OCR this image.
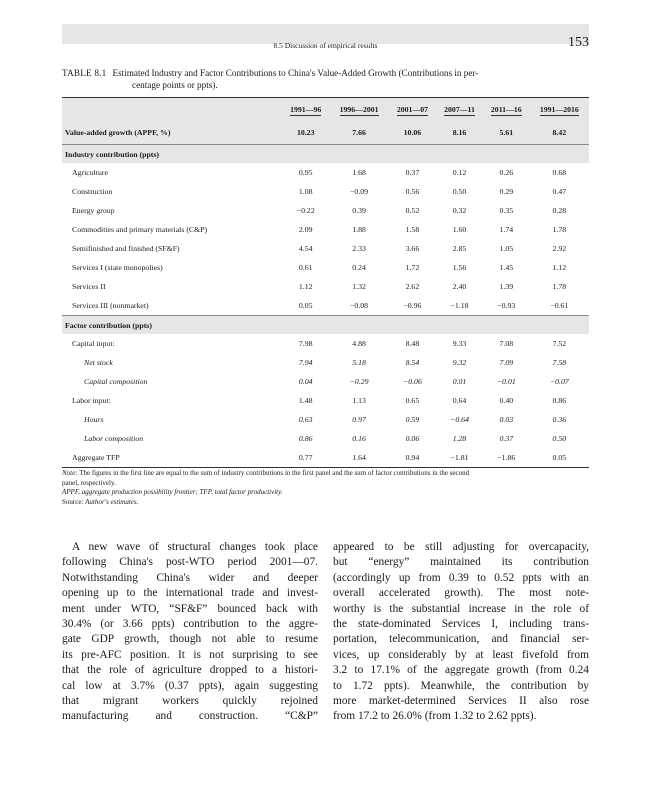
8.5 Discussion of empirical results	153
TABLE 8.1 Estimated Industry and Factor Contributions to China's Value-Added Growth (Contributions in per-
centage points or ppts).
	1991—96	1996—2001	2001—07	2007—11	2011—16	1991—2016
Value-added growth (APPF, %)	10.23	7.66	10.06	8.16	5.61	8.42
Industry contribution (ppts)						
Agriculture	0.95	1.68	0.37	0.12	0.26	0.68
Construction	1.08	−0.09	0.56	0.50	0.29	0.47
Energy group	−0.22	0.39	0.52	0.32	0.35	0.28
Commodities and primary materials (C&P)	2.09	1.88	1.58	1.60	1.74	1.78
Semifinished and finished (SF&F)	4.54	2.33	3.66	2.85	1.05	2.92
Services I (state monopolies)	0.61	0.24	1.72	1.56	1.45	1.12
Services II	1.12	1.32	2.62	2.40	1.39	1.78
Services III (nonmarket)	0.05	−0.08	−0.96	−1.18	−0.93	−0.61
Factor contribution (ppts)						
Capital input:	7.98	4.88	8.48	9.33	7.08	7.52
Net stock	7.94	5.18	8.54	9.32	7.09	7.58
Capital composition	0.04	−0.29	−0.06	0.01	−0.01	−0.07
Labor input:	1.48	1.13	0.65	0.64	0.40	0.86
Hours	0.63	0.97	0.59	−0.64	0.03	0.36
Labor composition	0.86	0.16	0.06	1.28	0.37	0.50
Aggregate TFP	0.77	1.64	0.94	−1.81	−1.86	0.05
Note: The figures in the first line are equal to the sum of industry contributions in the first panel and the sum of factor contributions in the second
panel, respectively.
APPF, aggregate production possibility frontier; TFP, total factor productivity.
Source: Author's estimates.
A new wave of structural changes took place
following China's post-WTO period 2001—07.
Notwithstanding China's wider and deeper
opening up to the international trade and invest-
ment under WTO, “SF&F” bounced back with
30.4% (or 3.66 ppts) contribution to the aggre-
gate GDP growth, though not able to resume
its pre-AFC position. It is not surprising to see
that the role of agriculture dropped to a histori-
cal low at 3.7% (0.37 ppts), again suggesting
that migrant workers quickly rejoined
manufacturing and construction. “C&P”
appeared to be still adjusting for overcapacity,
but “energy” maintained its contribution
(accordingly up from 0.39 to 0.52 ppts with an
overall accelerated growth). The most note-
worthy is the substantial increase in the role of
the state-dominated Services I, including trans-
portation, telecommunication, and financial ser-
vices, up considerably by at least fivefold from
3.2 to 17.1% of the aggregate growth (from 0.24
to 1.72 ppts). Meanwhile, the contribution by
more market-determined Services II also rose
from 17.2 to 26.0% (from 1.32 to 2.62 ppts).
